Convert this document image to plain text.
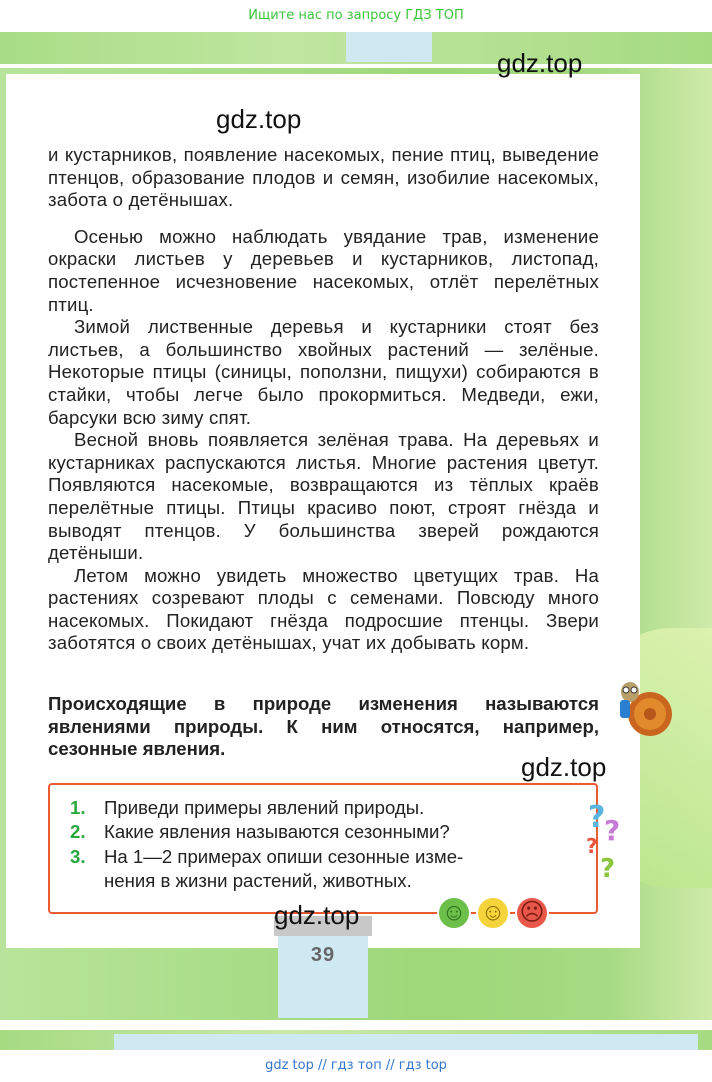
Ищите нас по запросу ГДЗ ТОП
gdz.top
gdz.top

и кустарников, появление насекомых, пение птиц, выведение птенцов, образование плодов и семян, изобилие насекомых, забота о детёнышах.

Осенью можно наблюдать увядание трав, изменение окраски листьев у деревьев и кустарников, листопад, постепенное исчезновение насекомых, отлёт перелётных птиц.

Зимой лиственные деревья и кустарники стоят без листьев, а большинство хвойных растений — зелёные. Некоторые птицы (синицы, поползни, пищухи) собираются в стайки, чтобы легче было прокормиться. Медведи, ежи, барсуки всю зиму спят.

Весной вновь появляется зелёная трава. На деревьях и кустарниках распускаются листья. Многие растения цветут. Появляются насекомые, возвращаются из тёплых краёв перелётные птицы. Птицы красиво поют, строят гнёзда и выводят птенцов. У большинства зверей рождаются детёныши.

Летом можно увидеть множество цветущих трав. На растениях созревают плоды с семенами. Повсюду много насекомых. Покидают гнёзда подросшие птенцы. Звери заботятся о своих детёнышах, учат их добывать корм.

Происходящие в природе изменения называются явлениями природы. К ним относятся, например, сезонные явления.
gdz.top
1. Приведи примеры явлений природы.
2. Какие явления называются сезонными?
3. На 1—2 примерах опиши сезонные изме-
нения в жизни растений, животных.
?
?
?
?
☺ ☺ ☹
39
gdz.top
gdz top // гдз топ // гдз top
